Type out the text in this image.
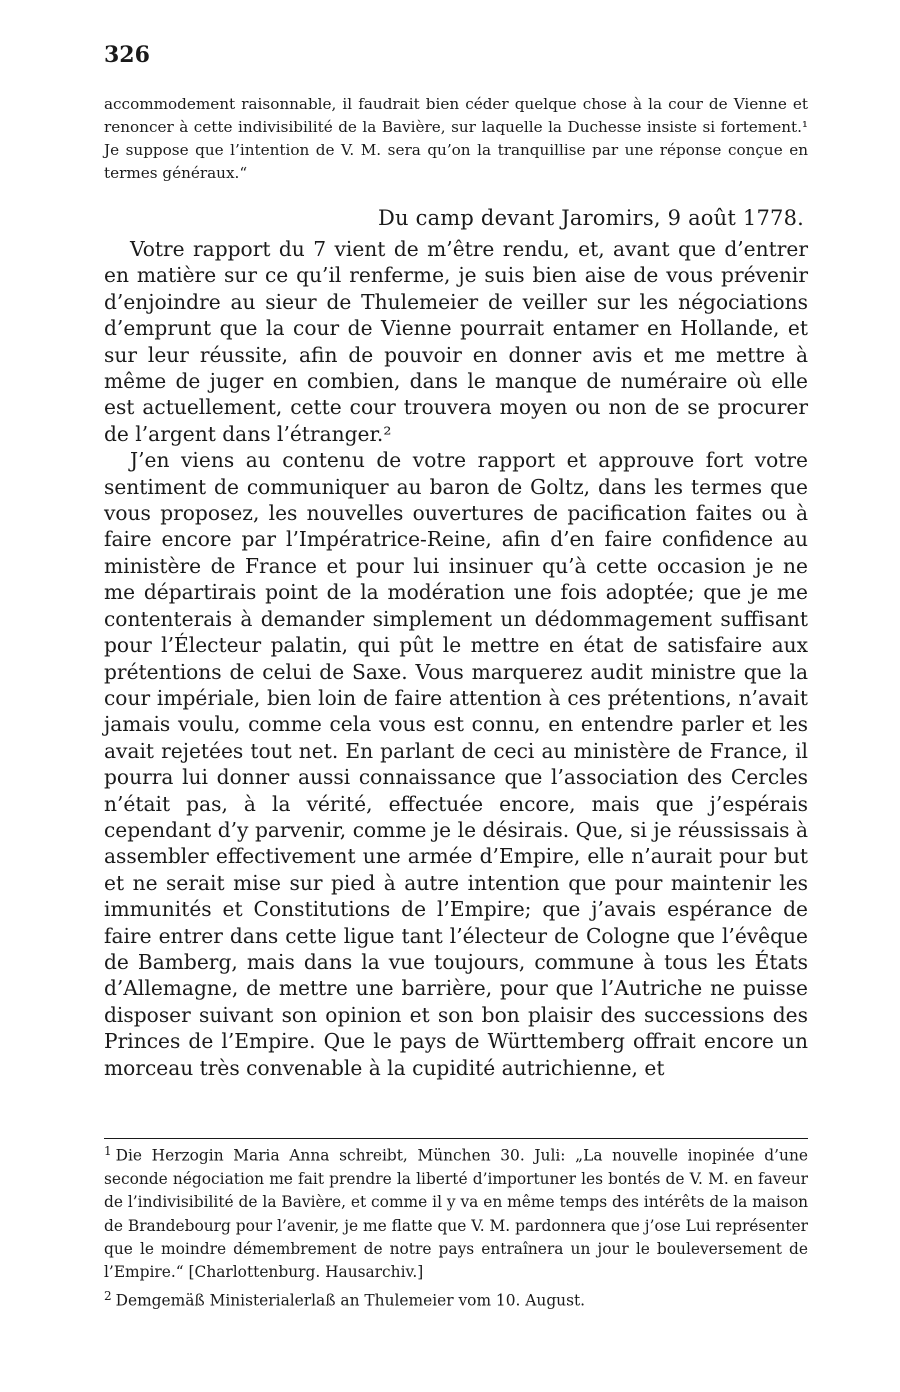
326

accommodement raisonnable, il faudrait bien céder quelque chose à la cour de Vienne et renoncer à cette indivisibilité de la Bavière, sur laquelle la Duchesse insiste si fortement.¹ Je suppose que l’intention de V. M. sera qu’on la tranquillise par une réponse conçue en termes généraux.“

Du camp devant Jaromirs, 9 août 1778.

Votre rapport du 7 vient de m’être rendu, et, avant que d’entrer en matière sur ce qu’il renferme, je suis bien aise de vous prévenir d’enjoindre au sieur de Thulemeier de veiller sur les négociations d’emprunt que la cour de Vienne pourrait entamer en Hollande, et sur leur réussite, afin de pouvoir en donner avis et me mettre à même de juger en combien, dans le manque de numéraire où elle est actuellement, cette cour trouvera moyen ou non de se procurer de l’argent dans l’étranger.²

J’en viens au contenu de votre rapport et approuve fort votre sentiment de communiquer au baron de Goltz, dans les termes que vous proposez, les nouvelles ouvertures de pacification faites ou à faire encore par l’Impératrice-Reine, afin d’en faire confidence au ministère de France et pour lui insinuer qu’à cette occasion je ne me départirais point de la modération une fois adoptée; que je me contenterais à demander simplement un dédommagement suffisant pour l’Électeur palatin, qui pût le mettre en état de satisfaire aux prétentions de celui de Saxe. Vous marquerez audit ministre que la cour impériale, bien loin de faire attention à ces prétentions, n’avait jamais voulu, comme cela vous est connu, en entendre parler et les avait rejetées tout net. En parlant de ceci au ministère de France, il pourra lui donner aussi connaissance que l’association des Cercles n’était pas, à la vérité, effectuée encore, mais que j’espérais cependant d’y parvenir, comme je le désirais. Que, si je réussissais à assembler effectivement une armée d’Empire, elle n’aurait pour but et ne serait mise sur pied à autre intention que pour maintenir les immunités et Constitutions de l’Empire; que j’avais espérance de faire entrer dans cette ligue tant l’électeur de Cologne que l’évêque de Bamberg, mais dans la vue toujours, commune à tous les États d’Allemagne, de mettre une barrière, pour que l’Autriche ne puisse disposer suivant son opinion et son bon plaisir des successions des Princes de l’Empire. Que le pays de Württemberg offrait encore un morceau très convenable à la cupidité autrichienne, et

$^1$ Die Herzogin Maria Anna schreibt, München 30. Juli: „La nouvelle inopinée d’une seconde négociation me fait prendre la liberté d’importuner les bontés de V. M. en faveur de l’indivisibilité de la Bavière, et comme il y va en même temps des intérêts de la maison de Brandebourg pour l’avenir, je me flatte que V. M. pardonnera que j’ose Lui représenter que le moindre démembrement de notre pays entraînera un jour le bouleversement de l’Empire.“ [Charlottenburg. Hausarchiv.]

$^2$ Demgemäß Ministerialerlaß an Thulemeier vom 10. August.
